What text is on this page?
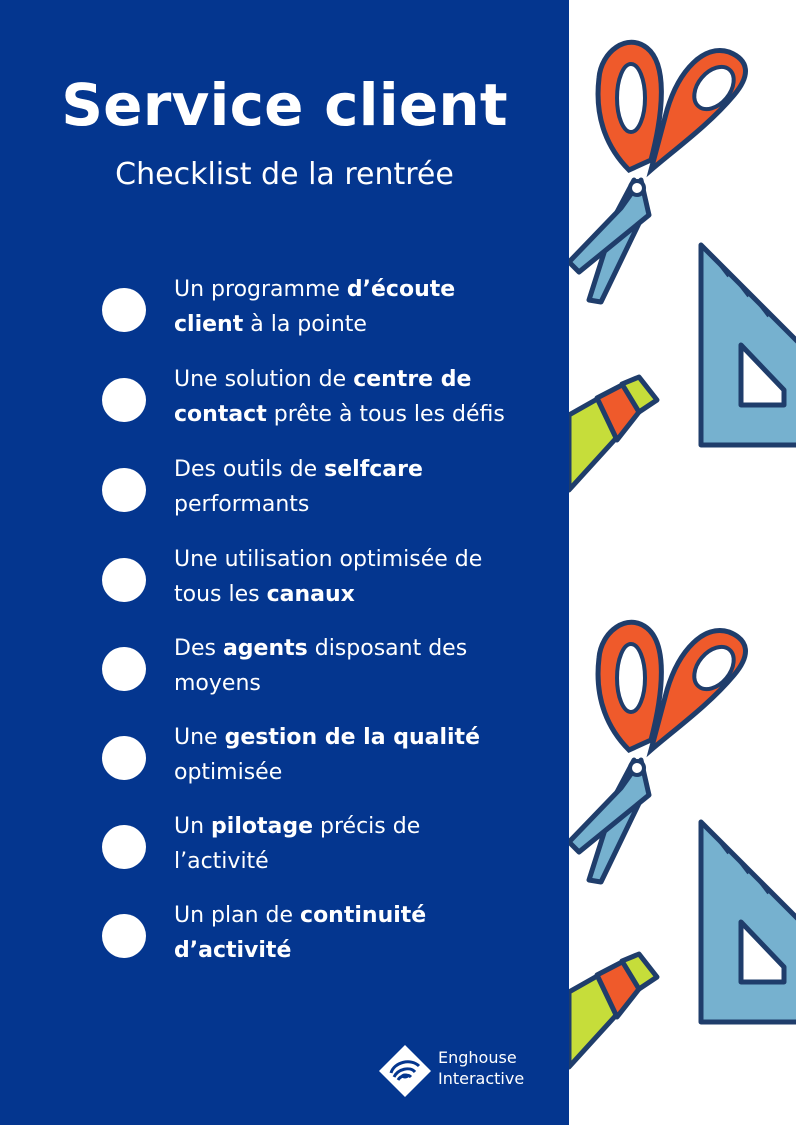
Service client
Checklist de la rentrée
Un programme d’écoute
client à la pointe
Une solution de centre de
contact prête à tous les défis
Des outils de selfcare
performants
Une utilisation optimisée de
tous les canaux
Des agents disposant des
moyens
Une gestion de la qualité
optimisée
Un pilotage précis de
l’activité
Un plan de continuité
d’activité
Enghouse
Interactive
